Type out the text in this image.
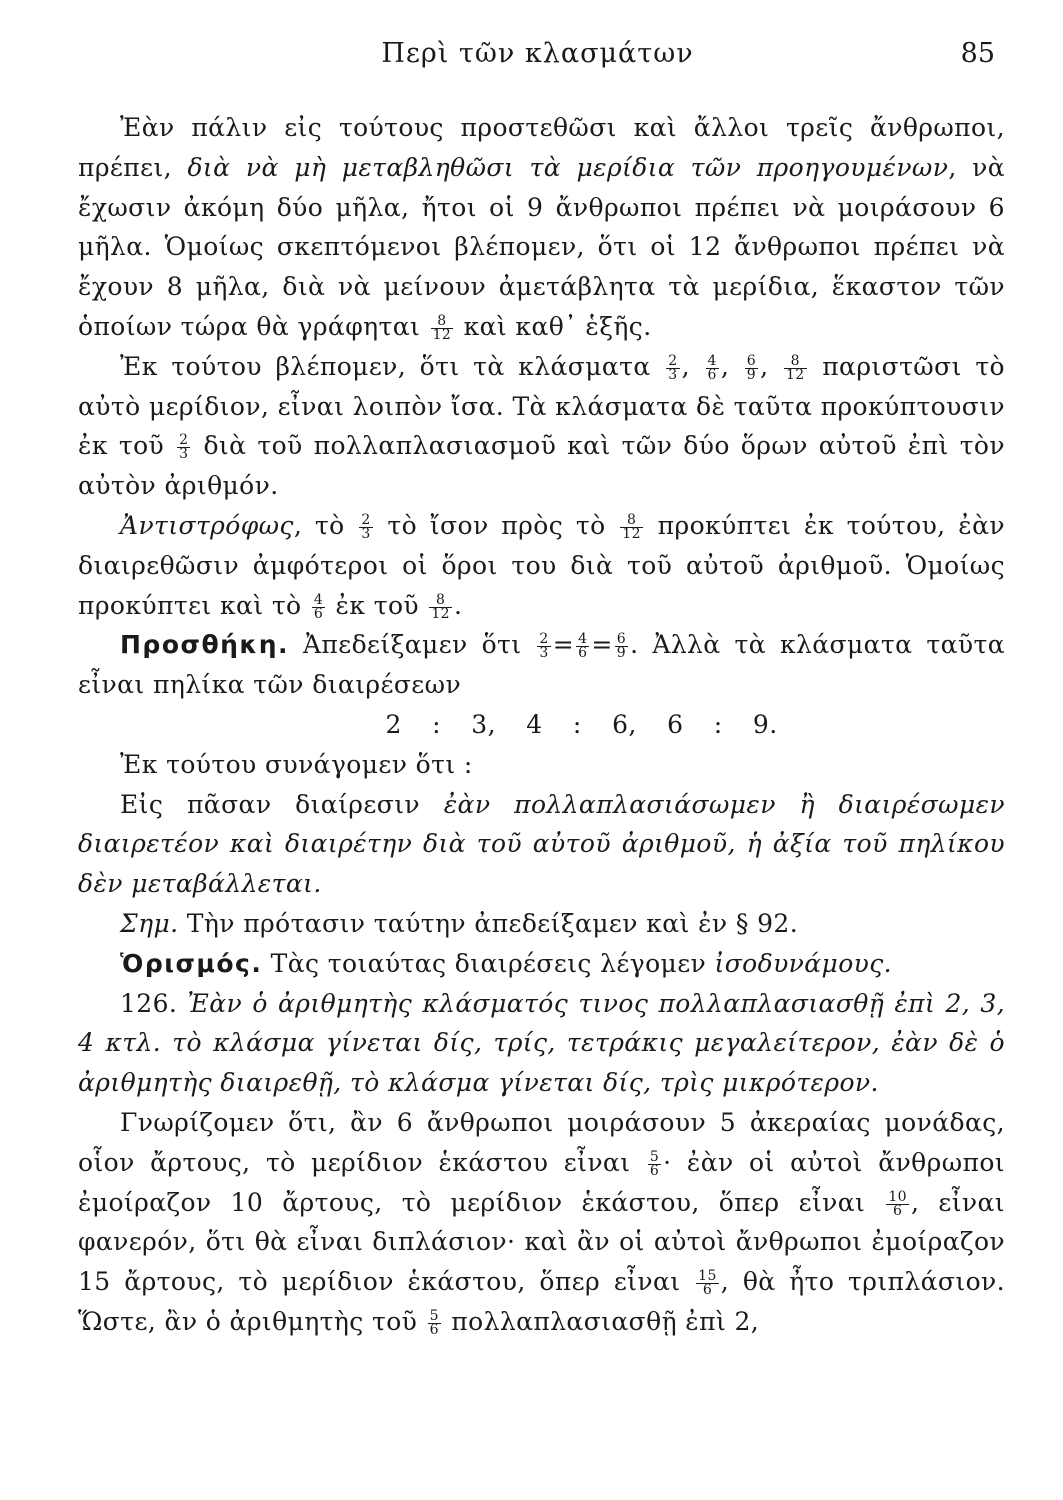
Περὶ τῶν κλασμάτων	85

Ἐὰν πάλιν εἰς τούτους προστεθῶσι καὶ ἄλλοι τρεῖς ἄνθρωποι, πρέπει, διὰ νὰ μὴ μεταβληθῶσι τὰ μερίδια τῶν προηγουμένων, νὰ ἔχωσιν ἀκόμη δύο μῆλα, ἤτοι οἱ 9 ἄνθρωποι πρέπει νὰ μοιράσουν 6 μῆλα. Ὁμοίως σκεπτόμενοι βλέπομεν, ὅτι οἱ 12 ἄνθρωποι πρέπει νὰ ἔχουν 8 μῆλα, διὰ νὰ μείνουν ἀμετάβλητα τὰ μερίδια, ἕκαστον τῶν ὁποίων τώρα θὰ γράφηται $\frac{8}{12}$ καὶ καθ᾽ ἑξῆς.

Ἐκ τούτου βλέπομεν, ὅτι τὰ κλάσματα $\frac{2}{3}$ , $\frac{4}{6}$ , $\frac{6}{9}$ , $\frac{8}{12}$ παριστῶσι τὸ αὐτὸ μερίδιον, εἶναι λοιπὸν ἴσα. Τὰ κλάσματα δὲ ταῦτα προκύπτουσιν ἐκ τοῦ $\frac{2}{3}$ διὰ τοῦ πολλαπλασιασμοῦ καὶ τῶν δύο ὅρων αὐτοῦ ἐπὶ τὸν αὐτὸν ἀριθμόν.

Ἀντιστρόφως, τὸ $\frac{2}{3}$ τὸ ἴσον πρὸς τὸ $\frac{8}{12}$ προκύπτει ἐκ τούτου, ἐὰν διαιρεθῶσιν ἀμφότεροι οἱ ὅροι του διὰ τοῦ αὐτοῦ ἀριθμοῦ. Ὁμοίως προκύπτει καὶ τὸ $\frac{4}{6}$ ἐκ τοῦ $\frac{8}{12}$ .

Προσθήκη. Ἀπεδείξαμεν ὅτι $\frac{2}{3} = \frac{4}{6} = \frac{6}{9}$ . Ἀλλὰ τὰ κλάσματα ταῦτα εἶναι πηλίκα τῶν διαιρέσεων

2 : 3, 4 : 6, 6 : 9.

Ἐκ τούτου συνάγομεν ὅτι :

Εἰς πᾶσαν διαίρεσιν ἐὰν πολλαπλασιάσωμεν ἢ διαιρέσωμεν διαιρετέον καὶ διαιρέτην διὰ τοῦ αὐτοῦ ἀριθμοῦ, ἡ ἀξία τοῦ πηλίκου δὲν μεταβάλλεται.

Σημ. Τὴν πρότασιν ταύτην ἀπεδείξαμεν καὶ ἐν § 92.

Ὁρισμός. Τὰς τοιαύτας διαιρέσεις λέγομεν ἰσοδυνάμους.

126. Ἐὰν ὁ ἀριθμητὴς κλάσματός τινος πολλαπλασιασθῇ ἐπὶ 2, 3, 4 κτλ. τὸ κλάσμα γίνεται δίς, τρίς, τετράκις μεγαλείτερον, ἐὰν δὲ ὁ ἀριθμητὴς διαιρεθῇ, τὸ κλάσμα γίνεται δίς, τρὶς μικρότερον.

Γνωρίζομεν ὅτι, ἂν 6 ἄνθρωποι μοιράσουν 5 ἀκεραίας μονάδας, οἷον ἄρτους, τὸ μερίδιον ἑκάστου εἶναι $\frac{5}{6}$ · ἐὰν οἱ αὐτοὶ ἄνθρωποι ἐμοίραζον 10 ἄρτους, τὸ μερίδιον ἑκάστου, ὅπερ εἶναι $\frac{10}{6}$ , εἶναι φανερόν, ὅτι θὰ εἶναι διπλάσιον· καὶ ἂν οἱ αὐτοὶ ἄνθρωποι ἐμοίραζον 15 ἄρτους, τὸ μερίδιον ἑκάστου, ὅπερ εἶναι $\frac{15}{6}$ , θὰ ἦτο τριπλάσιον. Ὥστε, ἂν ὁ ἀριθμητὴς τοῦ $\frac{5}{6}$ πολλαπλασιασθῇ ἐπὶ 2,
